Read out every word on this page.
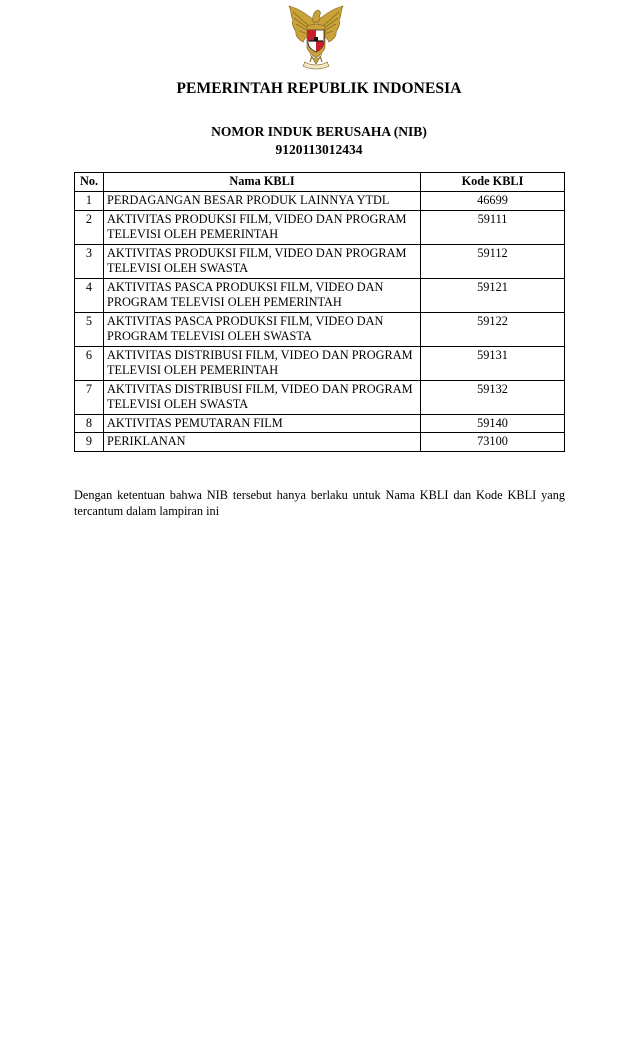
PEMERINTAH REPUBLIK INDONESIA
NOMOR INDUK BERUSAHA (NIB)
9120113012434
No.	Nama KBLI	Kode KBLI
1	PERDAGANGAN BESAR PRODUK LAINNYA YTDL	46699
2	AKTIVITAS PRODUKSI FILM, VIDEO DAN PROGRAM TELEVISI OLEH PEMERINTAH	59111
3	AKTIVITAS PRODUKSI FILM, VIDEO DAN PROGRAM TELEVISI OLEH SWASTA	59112
4	AKTIVITAS PASCA PRODUKSI FILM, VIDEO DAN PROGRAM TELEVISI OLEH PEMERINTAH	59121
5	AKTIVITAS PASCA PRODUKSI FILM, VIDEO DAN PROGRAM TELEVISI OLEH SWASTA	59122
6	AKTIVITAS DISTRIBUSI FILM, VIDEO DAN PROGRAM TELEVISI OLEH PEMERINTAH	59131
7	AKTIVITAS DISTRIBUSI FILM, VIDEO DAN PROGRAM TELEVISI OLEH SWASTA	59132
8	AKTIVITAS PEMUTARAN FILM	59140
9	PERIKLANAN	73100
Dengan ketentuan bahwa NIB tersebut hanya berlaku untuk Nama KBLI dan Kode KBLI yang tercantum dalam lampiran ini
